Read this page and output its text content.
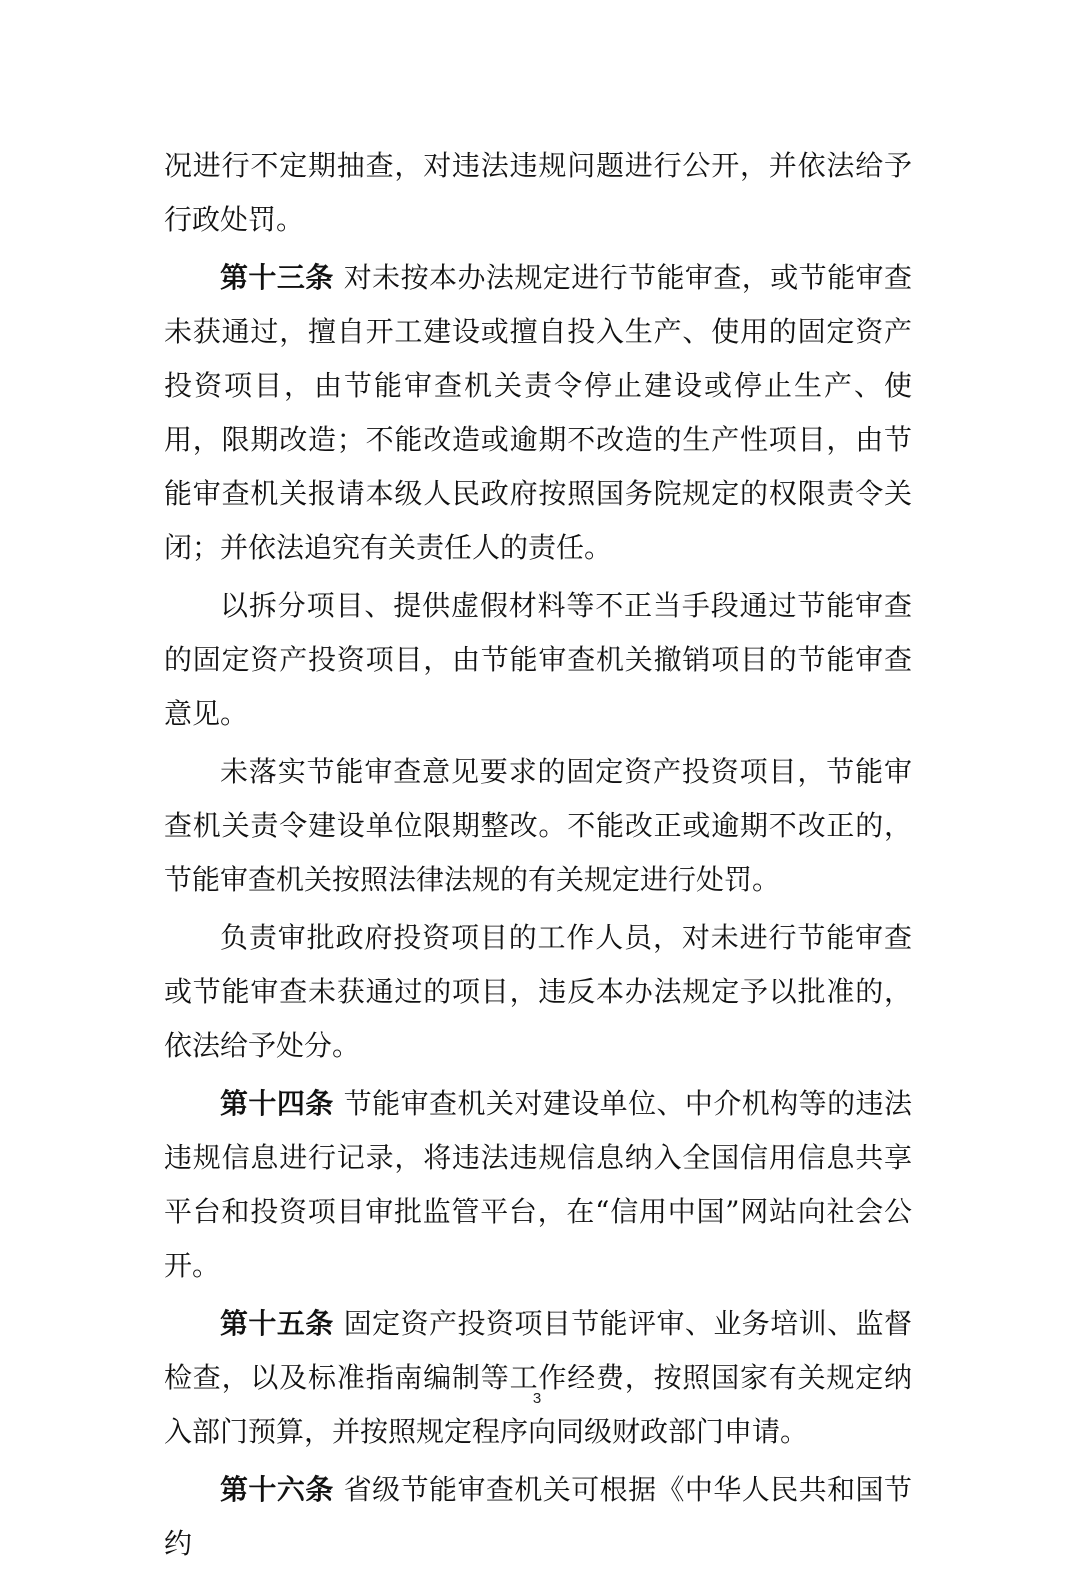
况进行不定期抽查，对违法违规问题进行公开，并依法给予行政处罚。

第十三条 对未按本办法规定进行节能审查，或节能审查未获通过，擅自开工建设或擅自投入生产、使用的固定资产投资项目，由节能审查机关责令停止建设或停止生产、使用，限期改造；不能改造或逾期不改造的生产性项目，由节能审查机关报请本级人民政府按照国务院规定的权限责令关闭；并依法追究有关责任人的责任。

以拆分项目、提供虚假材料等不正当手段通过节能审查的固定资产投资项目，由节能审查机关撤销项目的节能审查意见。

未落实节能审查意见要求的固定资产投资项目，节能审查机关责令建设单位限期整改。不能改正或逾期不改正的，节能审查机关按照法律法规的有关规定进行处罚。

负责审批政府投资项目的工作人员，对未进行节能审查或节能审查未获通过的项目，违反本办法规定予以批准的，依法给予处分。

第十四条 节能审查机关对建设单位、中介机构等的违法违规信息进行记录，将违法违规信息纳入全国信用信息共享平台和投资项目审批监管平台，在“信用中国”网站向社会公开。

第十五条 固定资产投资项目节能评审、业务培训、监督检查，以及标准指南编制等工作经费，按照国家有关规定纳入部门预算，并按照规定程序向同级财政部门申请。

第十六条 省级节能审查机关可根据《中华人民共和国节约

3
